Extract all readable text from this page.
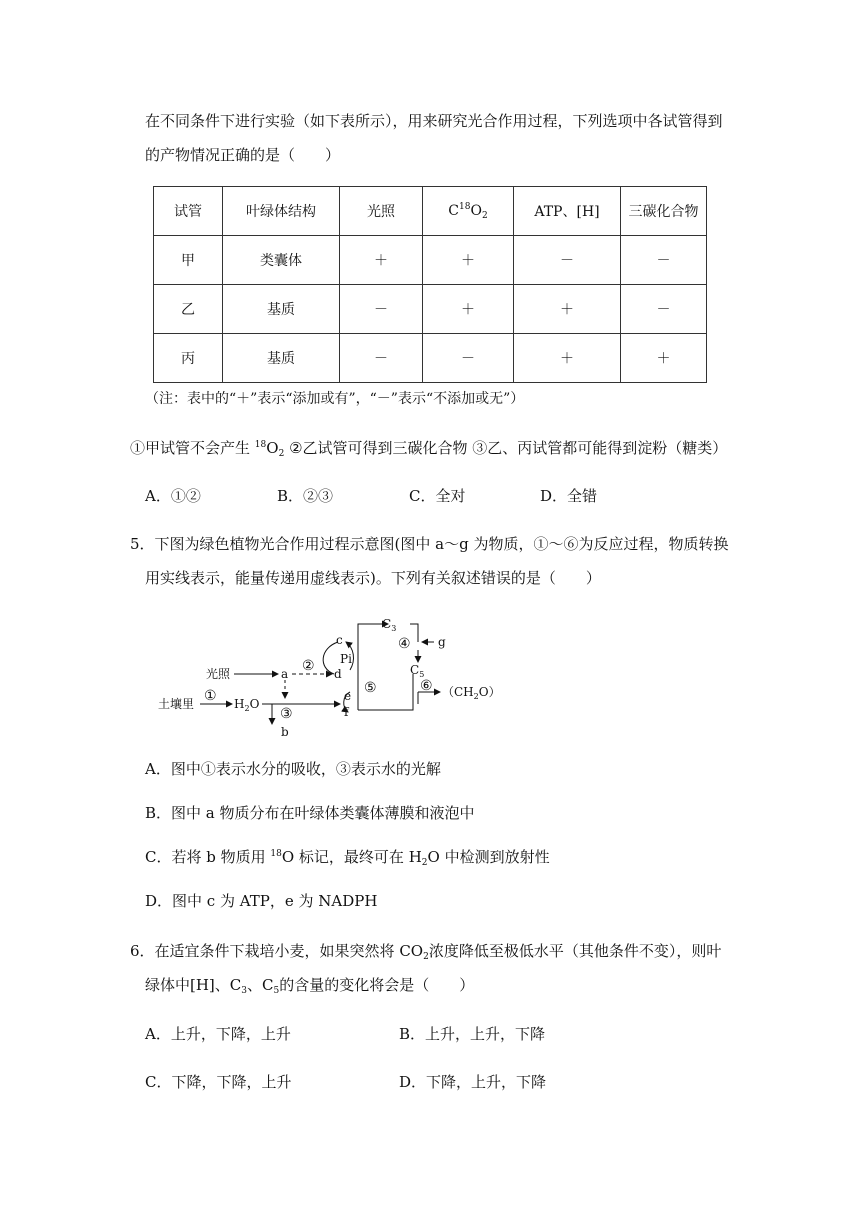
在不同条件下进行实验（如下表所示），用来研究光合作用过程，下列选项中各试管得到
的产物情况正确的是（　　）
试管	叶绿体结构	光照	$C^{18}O_2$	ATP、[H]	三碳化合物
甲	类囊体	＋	＋	－	－
乙	基质	－	＋	＋	－
丙	基质	－	－	＋	＋
（注：表中的“＋”表示“添加或有”，“－”表示“不添加或无”）
①甲试管不会产生 $^{18}O_2$ ②乙试管可得到三碳化合物 ③乙、丙试管都可能得到淀粉（糖类）
A．①②	B．②③	C．全对	D．全错
5．下图为绿色植物光合作用过程示意图(图中 a～g 为物质，①～⑥为反应过程，物质转换
用实线表示，能量传递用虚线表示)。下列有关叙述错误的是（　　）
光照
土壤里
a
b
c
Pi
d
e
f
g
$H_2O$
$C_3$
$C_5$
$(CH_2O)$
①
②
③
④
⑤	⑥
A．图中①表示水分的吸收，③表示水的光解
B．图中 a 物质分布在叶绿体类囊体薄膜和液泡中
C．若将 b 物质用 $^{18}$O 标记，最终可在 $H_2O$ 中检测到放射性
D．图中 c 为 ATP，e 为 NADPH
6．在适宜条件下栽培小麦，如果突然将 $CO_2$浓度降低至极低水平（其他条件不变），则叶
绿体中[H]、$C_3$、$C_5$的含量的变化将会是（　　）
A．上升，下降，上升	B．上升，上升，下降
C．下降，下降，上升	D．下降，上升，下降
